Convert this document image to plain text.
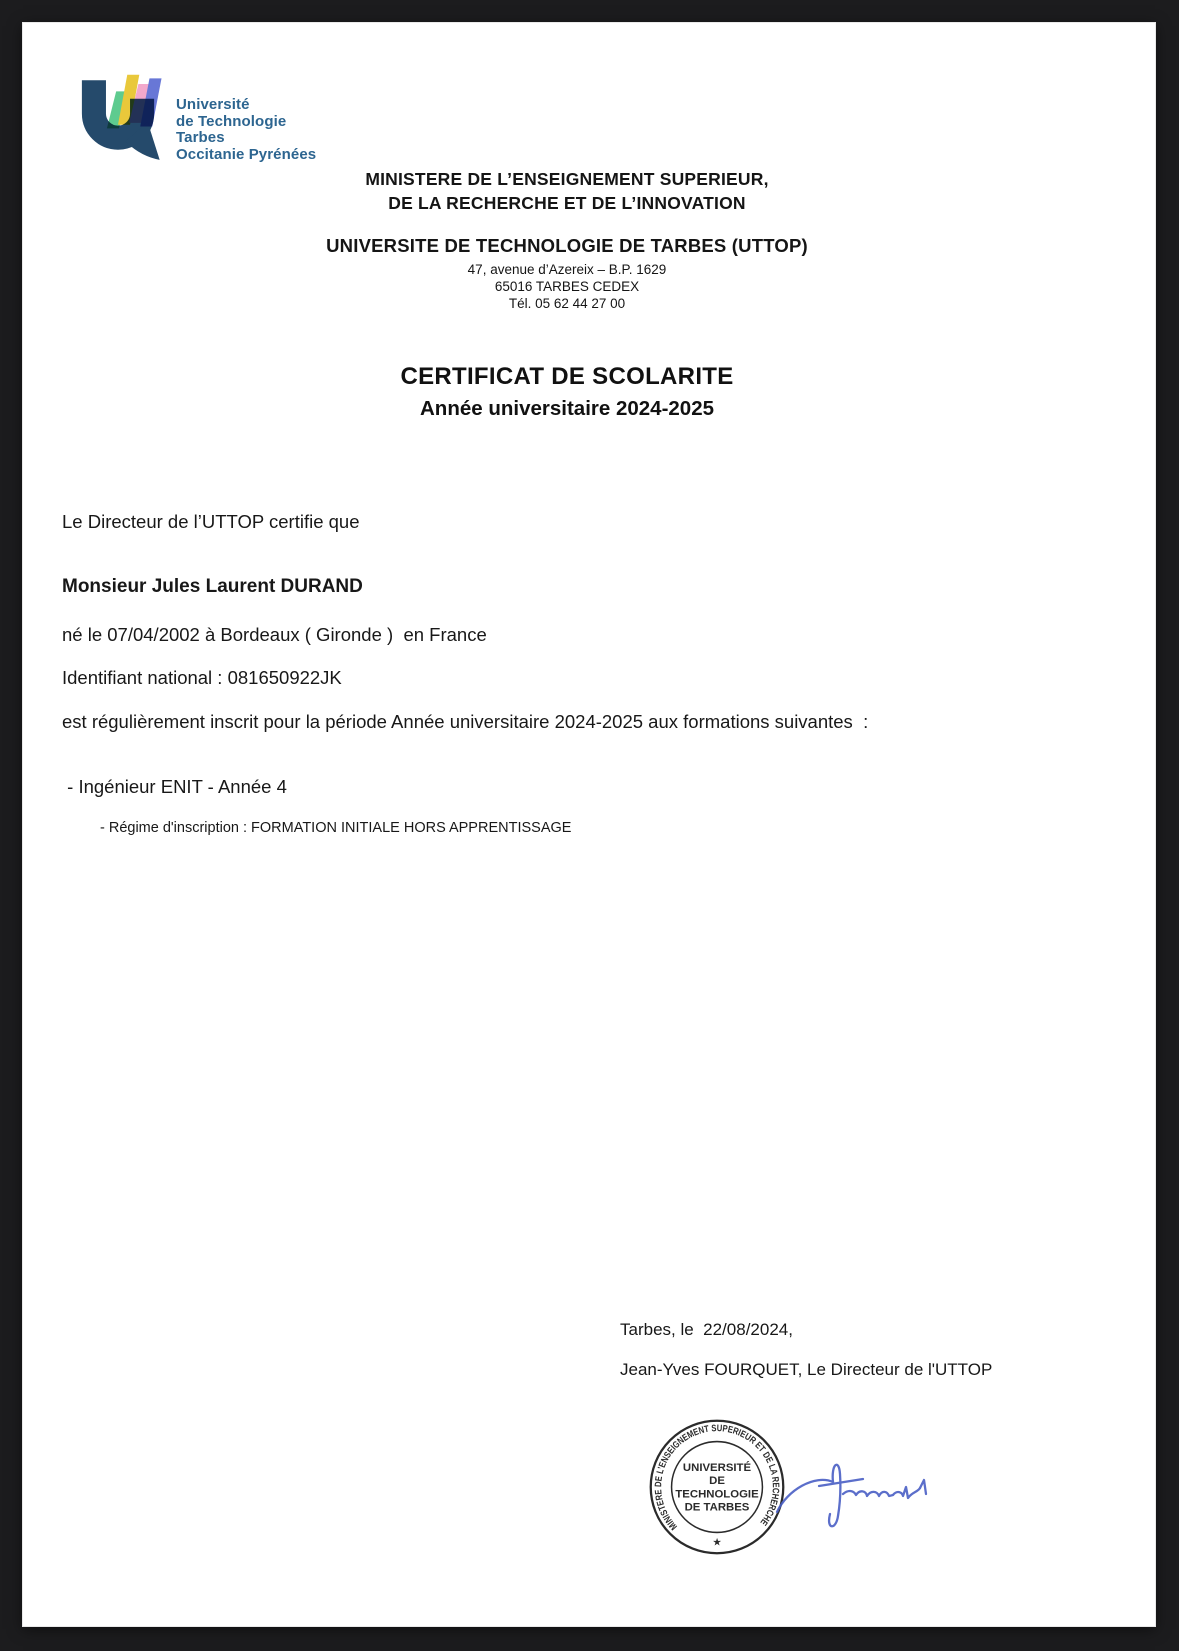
Université
de Technologie
Tarbes
Occitanie Pyrénées
MINISTERE DE L’ENSEIGNEMENT SUPERIEUR,
DE LA RECHERCHE ET DE L’INNOVATION
UNIVERSITE DE TECHNOLOGIE DE TARBES (UTTOP)
47, avenue d’Azereix – B.P. 1629
65016 TARBES CEDEX
Tél. 05 62 44 27 00
CERTIFICAT DE SCOLARITE
Année universitaire 2024-2025
Le Directeur de l’UTTOP certifie que
Monsieur Jules Laurent DURAND
né le 07/04/2002 à Bordeaux ( Gironde )  en France
Identifiant national : 081650922JK
est régulièrement inscrit pour la période Année universitaire 2024-2025 aux formations suivantes  :
- Ingénieur ENIT - Année 4
- Régime d'inscription : FORMATION INITIALE HORS APPRENTISSAGE
Tarbes, le  22/08/2024,
Jean-Yves FOURQUET, Le Directeur de l'UTTOP
MINISTERE DE L’ENSEIGNEMENT SUPERIEUR ET DE LA RECHERCHE
★
UNIVERSITÉ
DE
TECHNOLOGIE
DE TARBES
